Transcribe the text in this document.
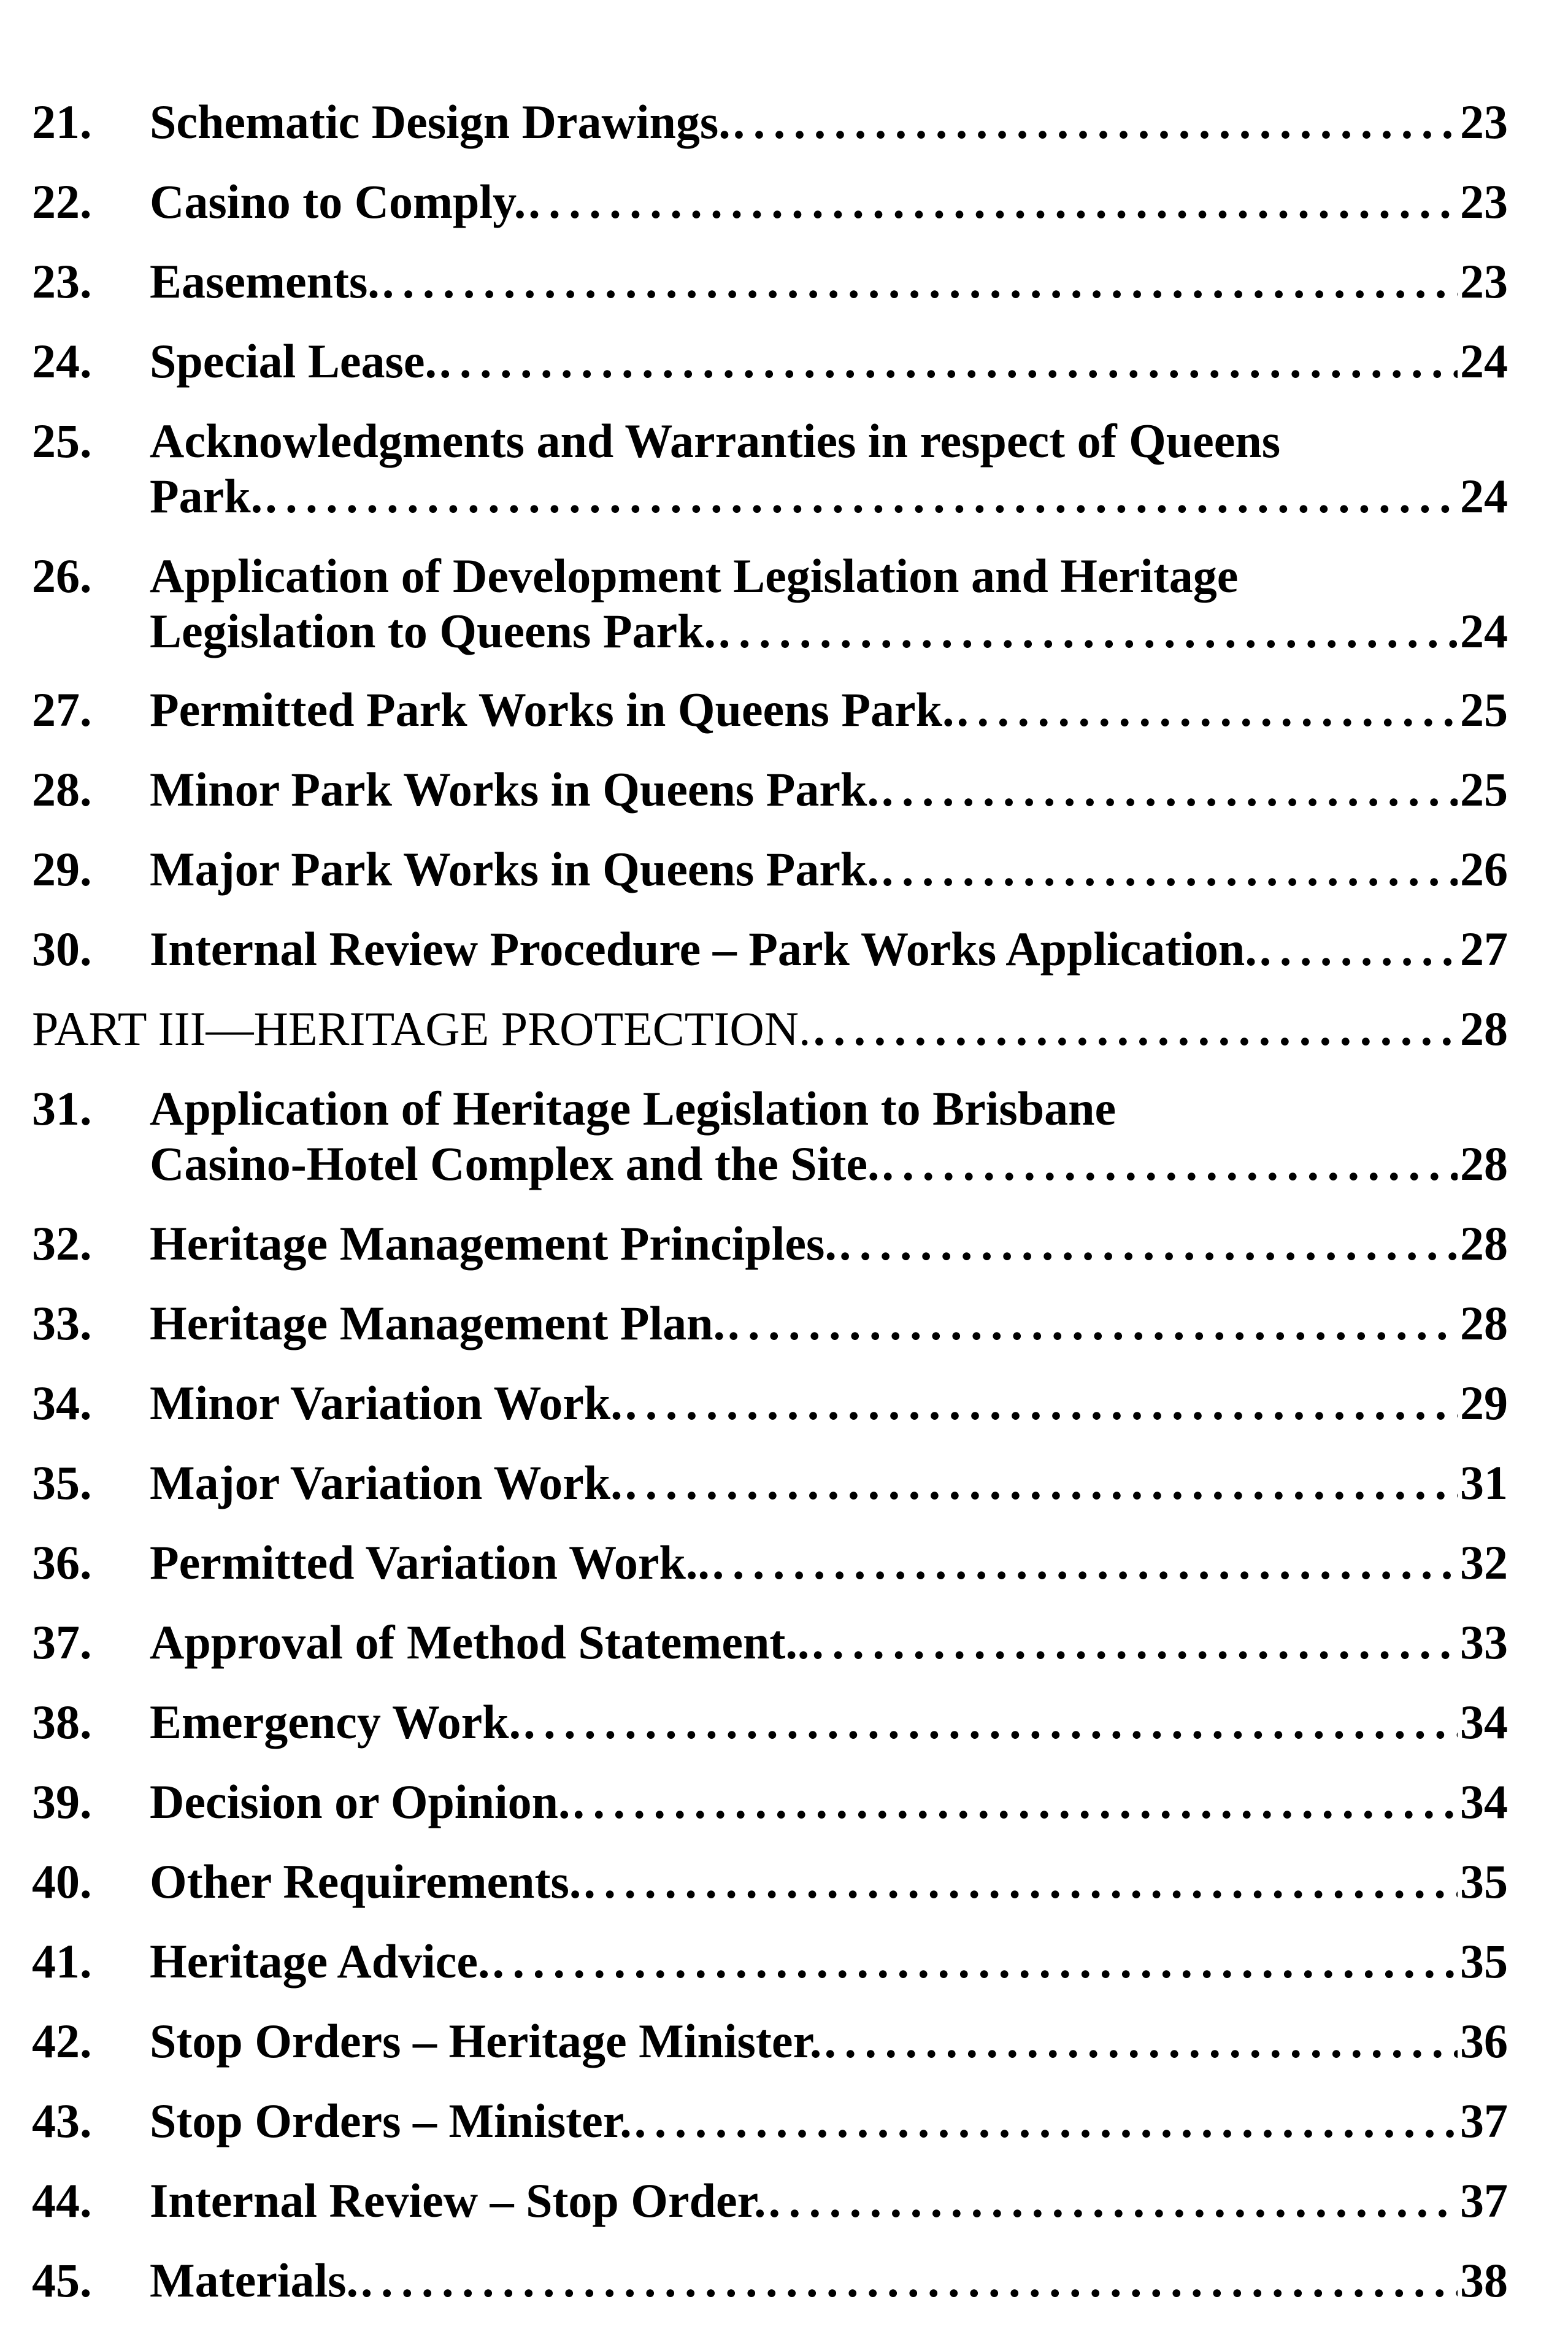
21. Schematic Design Drawings. . . .	23
22. Casino to Comply. . . .	23
23. Easements. . . .	23
24. Special Lease. . . .	24
25. Acknowledgments and Warranties in respect of Queens
Park. . . .	24
26. Application of Development Legislation and Heritage
Legislation to Queens Park. . . .	24
27. Permitted Park Works in Queens Park. . . .	25
28. Minor Park Works in Queens Park. . . .	25
29. Major Park Works in Queens Park. . . .	26
30. Internal Review Procedure – Park Works Application. . . .	27
PART III—HERITAGE PROTECTION. . . .	28
31. Application of Heritage Legislation to Brisbane
Casino-Hotel Complex and the Site. . . .	28
32. Heritage Management Principles. . . .	28
33. Heritage Management Plan. . . .	28
34. Minor Variation Work. . . .	29
35. Major Variation Work. . . .	31
36. Permitted Variation Work.. . . .	32
37. Approval of Method Statement.. . . .	33
38. Emergency Work. . . .	34
39. Decision or Opinion. . . .	34
40. Other Requirements. . . .	35
41. Heritage Advice. . . .	35
42. Stop Orders – Heritage Minister. . . .	36
43. Stop Orders – Minister. . . .	37
44. Internal Review – Stop Order. . . .	37
45. Materials. . . .	38
